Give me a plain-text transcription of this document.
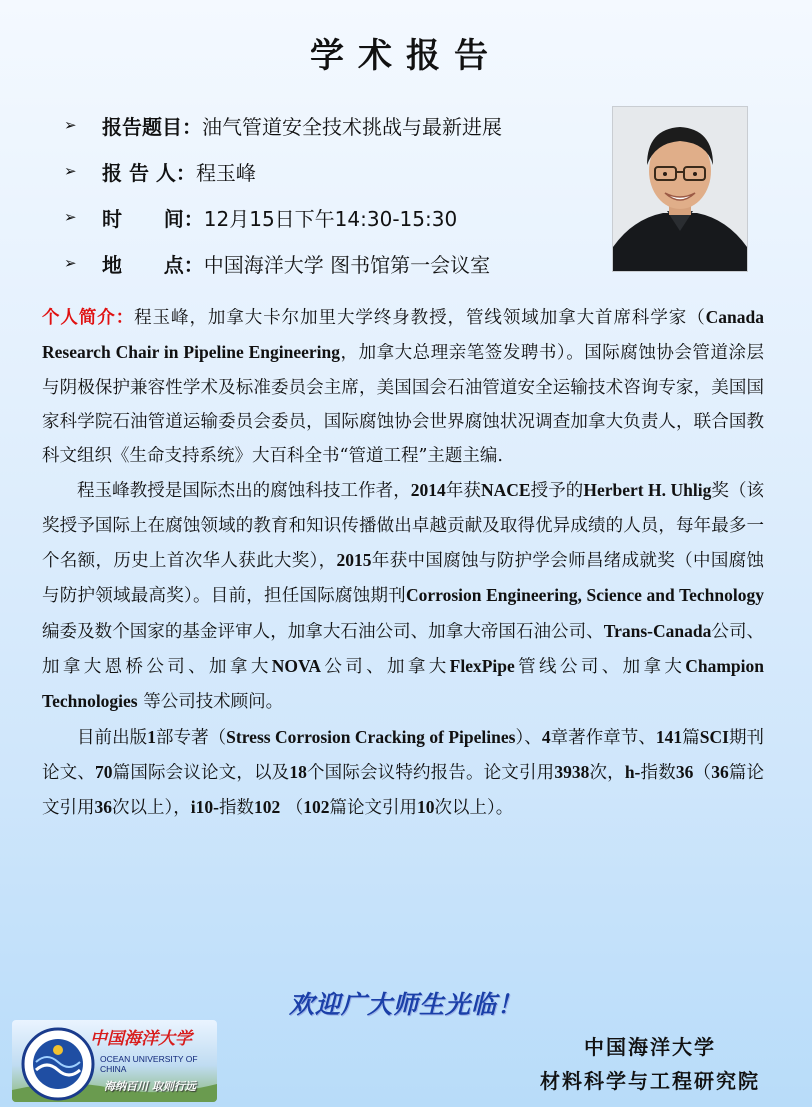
学术报告
➢	报告题目： 油气管道安全技术挑战与最新进展
➢	报 告 人： 程玉峰
➢	时      间： 12月15日下午14:30-15:30
➢	地      点： 中国海洋大学 图书馆第一会议室

个人简介：程玉峰，加拿大卡尔加里大学终身教授，管线领域加拿大首席科学家（Canada Research Chair in Pipeline Engineering，加拿大总理亲笔签发聘书）。国际腐蚀协会管道涂层与阴极保护兼容性学术及标准委员会主席，美国国会石油管道安全运输技术咨询专家，美国国家科学院石油管道运输委员会委员，国际腐蚀协会世界腐蚀状况调查加拿大负责人，联合国教科文组织《生命支持系统》大百科全书“管道工程”主题主编.

程玉峰教授是国际杰出的腐蚀科技工作者，2014年获NACE授予的Herbert H. Uhlig奖（该奖授予国际上在腐蚀领域的教育和知识传播做出卓越贡献及取得优异成绩的人员，每年最多一个名额，历史上首次华人获此大奖），2015年获中国腐蚀与防护学会师昌绪成就奖（中国腐蚀与防护领域最高奖）。目前，担任国际腐蚀期刊Corrosion Engineering, Science and Technology编委及数个国家的基金评审人，加拿大石油公司、加拿大帝国石油公司、Trans-Canada公司、加拿大恩桥公司、加拿大NOVA公司、加拿大FlexPipe管线公司、加拿大Champion Technologies 等公司技术顾问。

目前出版1部专著（Stress Corrosion Cracking of Pipelines）、4章著作章节、141篇SCI期刊论文、70篇国际会议论文，以及18个国际会议特约报告。论文引用3938次，h-指数36（36篇论文引用36次以上），i10-指数102 （102篇论文引用10次以上）。

欢迎广大师生光临！
中国海洋大学
OCEAN UNIVERSITY OF CHINA
海纳百川 取则行远
中国海洋大学
材料科学与工程研究院
